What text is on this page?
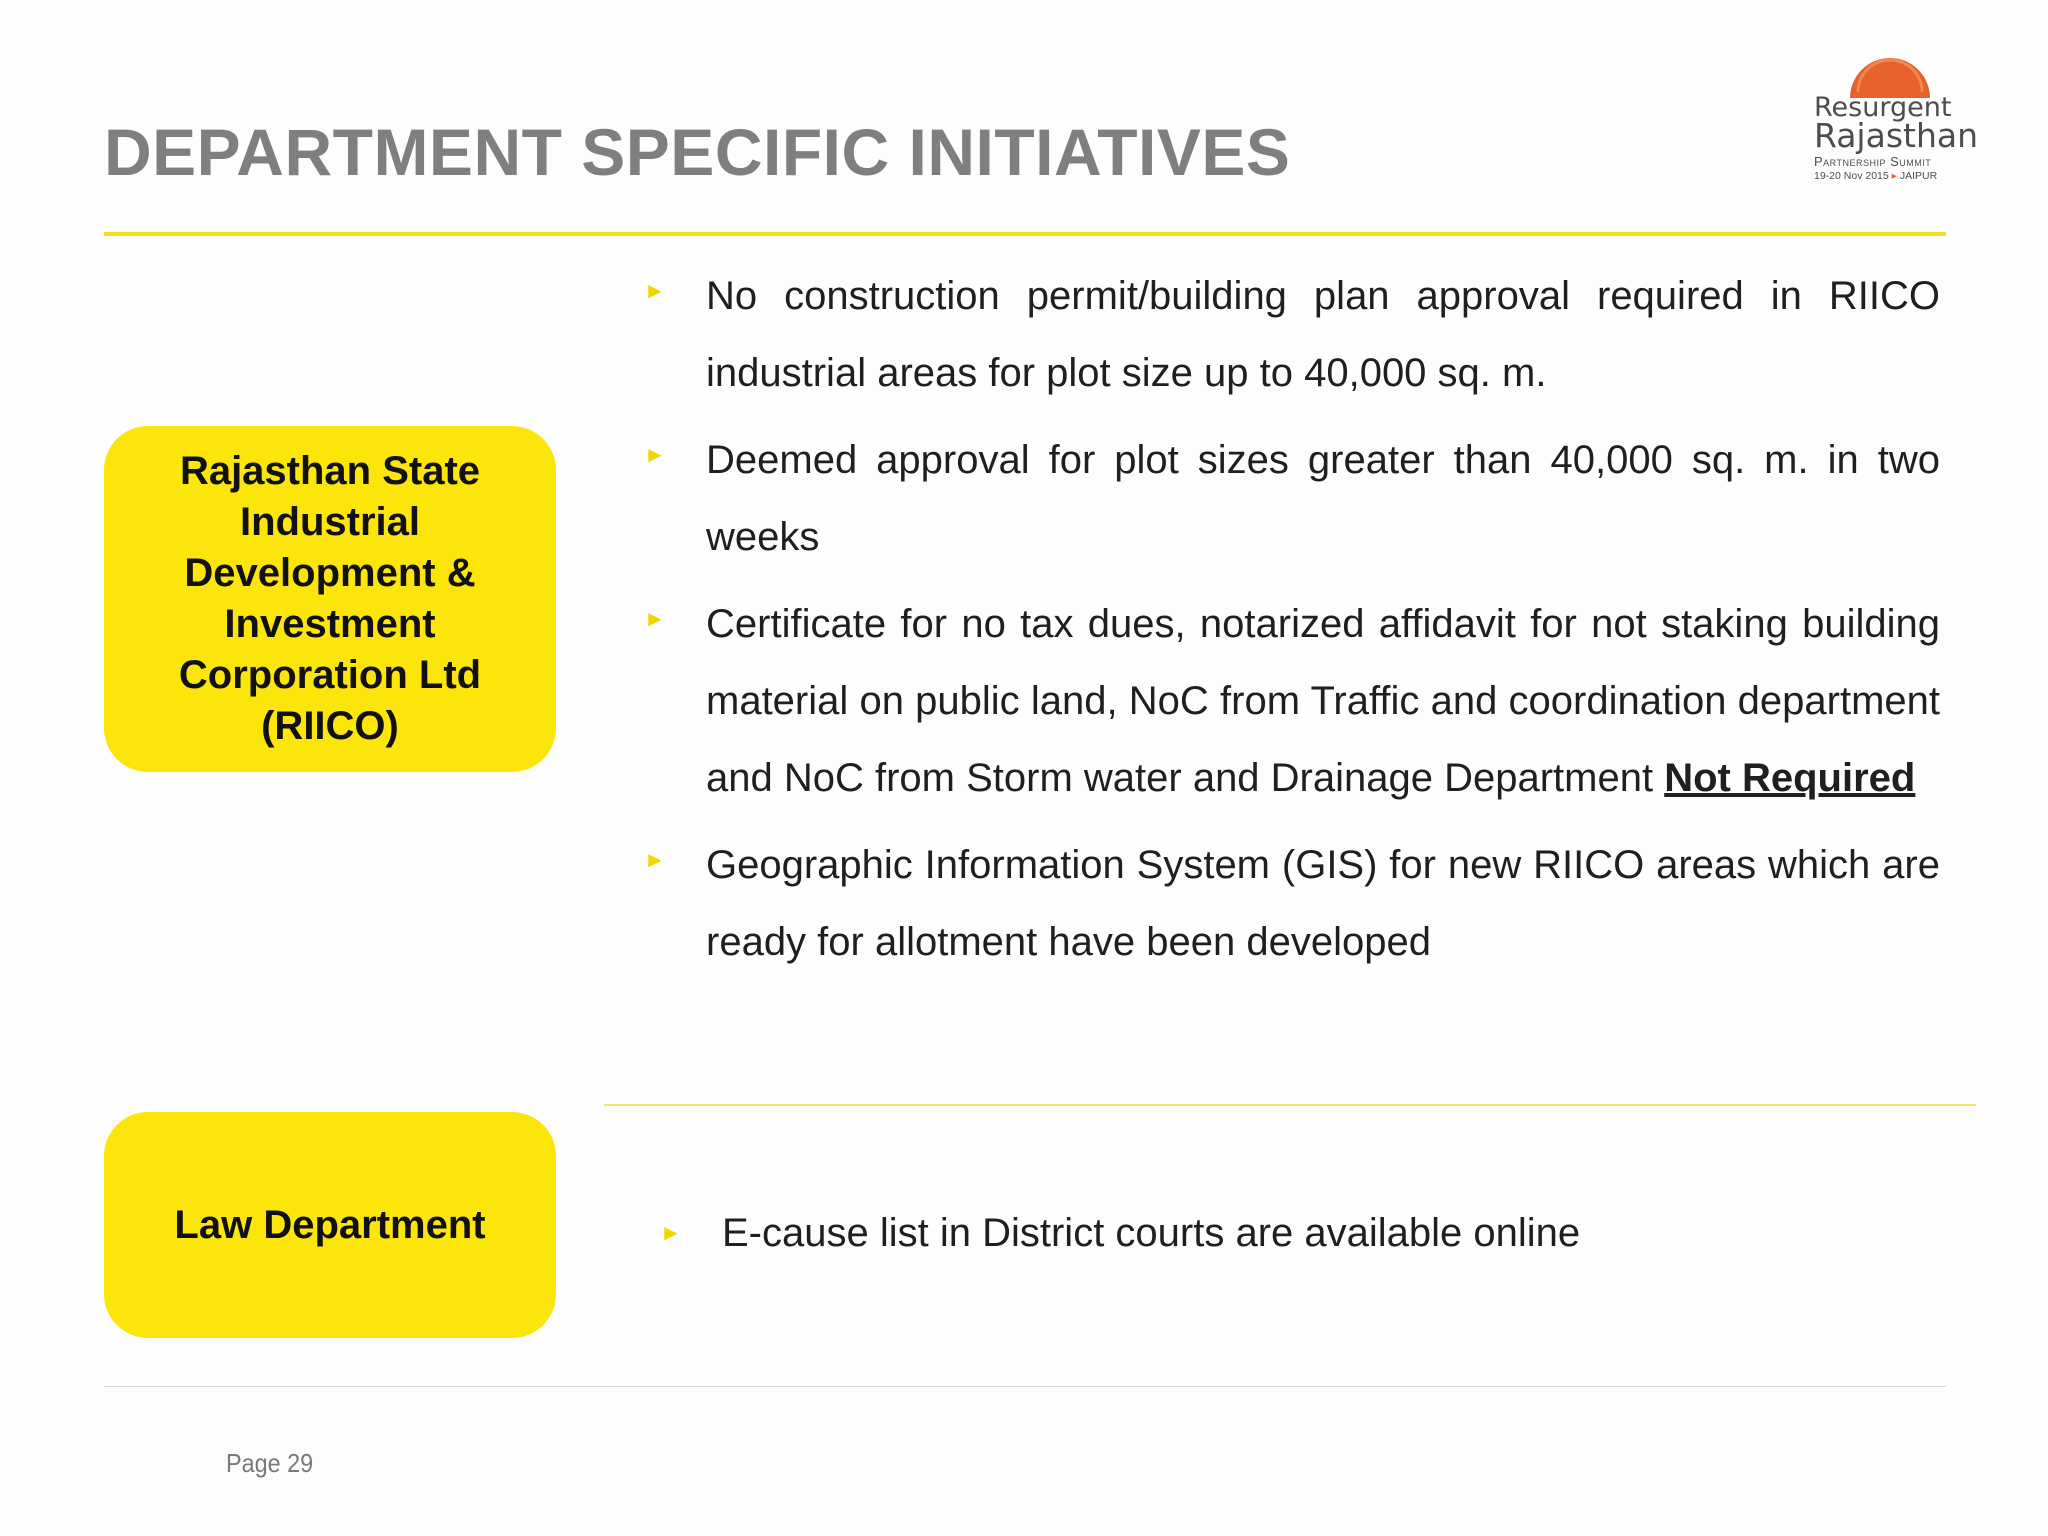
DEPARTMENT SPECIFIC INITIATIVES
Resurgent
Rajasthan
Partnership Summit
19-20 Nov 2015 ▸ JAIPUR
Rajasthan State Industrial Development & Investment Corporation Ltd (RIICO)
► No construction permit/building plan approval required in RIICO industrial areas for plot size up to 40,000 sq. m.
► Deemed approval for plot sizes greater than 40,000 sq. m. in two weeks
► Certificate for no tax dues, notarized affidavit for not staking building material on public land, NoC from Traffic and coordination department and NoC from Storm water and Drainage Department Not Required
► Geographic Information System (GIS) for new RIICO areas which are ready for allotment have been developed
Law Department	►	E-cause list in District courts are available online
Page 29
